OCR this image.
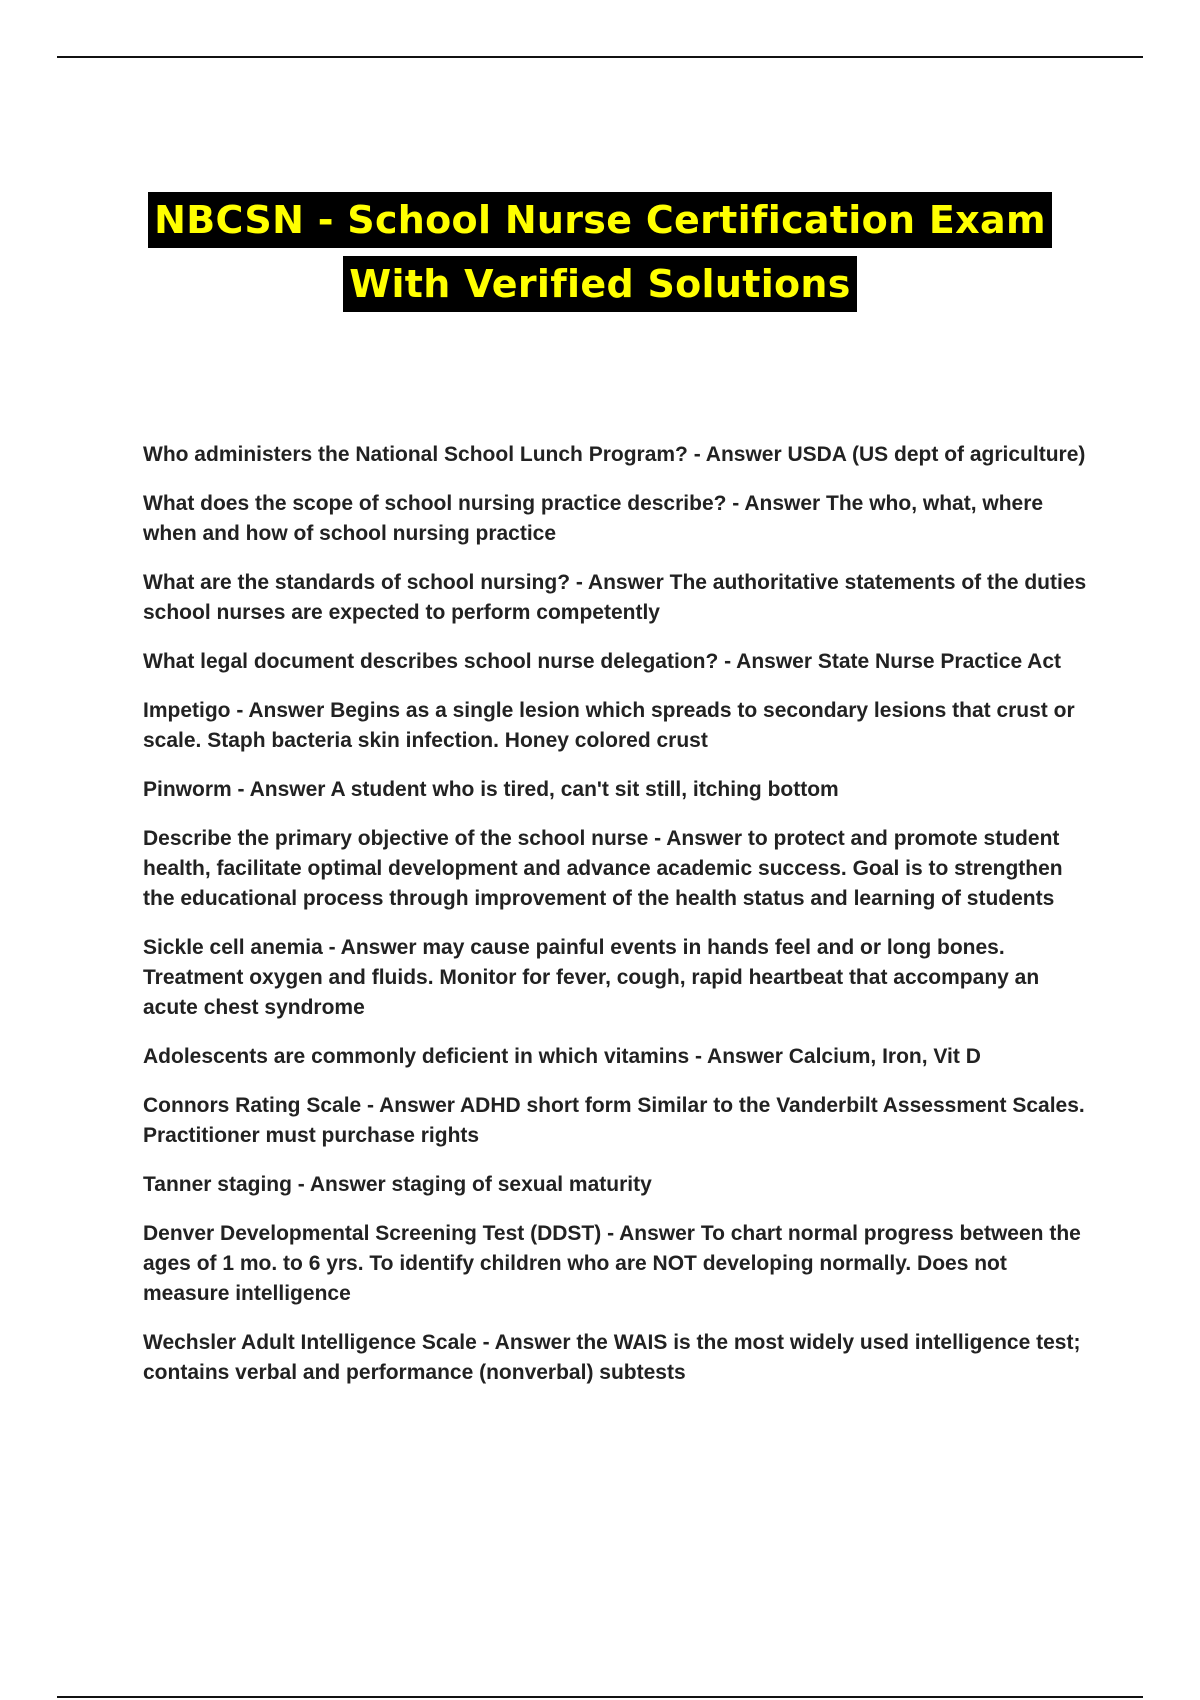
NBCSN - School Nurse Certification Exam
With Verified Solutions

Who administers the National School Lunch Program? - Answer USDA (US dept of agriculture)

What does the scope of school nursing practice describe? - Answer The who, what, where when and how of school nursing practice

What are the standards of school nursing? - Answer The authoritative statements of the duties school nurses are expected to perform competently

What legal document describes school nurse delegation? - Answer State Nurse Practice Act

Impetigo - Answer Begins as a single lesion which spreads to secondary lesions that crust or scale. Staph bacteria skin infection. Honey colored crust

Pinworm - Answer A student who is tired, can't sit still, itching bottom

Describe the primary objective of the school nurse - Answer to protect and promote student health, facilitate optimal development and advance academic success. Goal is to strengthen the educational process through improvement of the health status and learning of students

Sickle cell anemia - Answer may cause painful events in hands feel and or long bones. Treatment oxygen and fluids. Monitor for fever, cough, rapid heartbeat that accompany an acute chest syndrome

Adolescents are commonly deficient in which vitamins - Answer Calcium, Iron, Vit D

Connors Rating Scale - Answer ADHD short form Similar to the Vanderbilt Assessment Scales. Practitioner must purchase rights

Tanner staging - Answer staging of sexual maturity

Denver Developmental Screening Test (DDST) - Answer To chart normal progress between the ages of 1 mo. to 6 yrs. To identify children who are NOT developing normally. Does not measure intelligence

Wechsler Adult Intelligence Scale - Answer the WAIS is the most widely used intelligence test; contains verbal and performance (nonverbal) subtests
